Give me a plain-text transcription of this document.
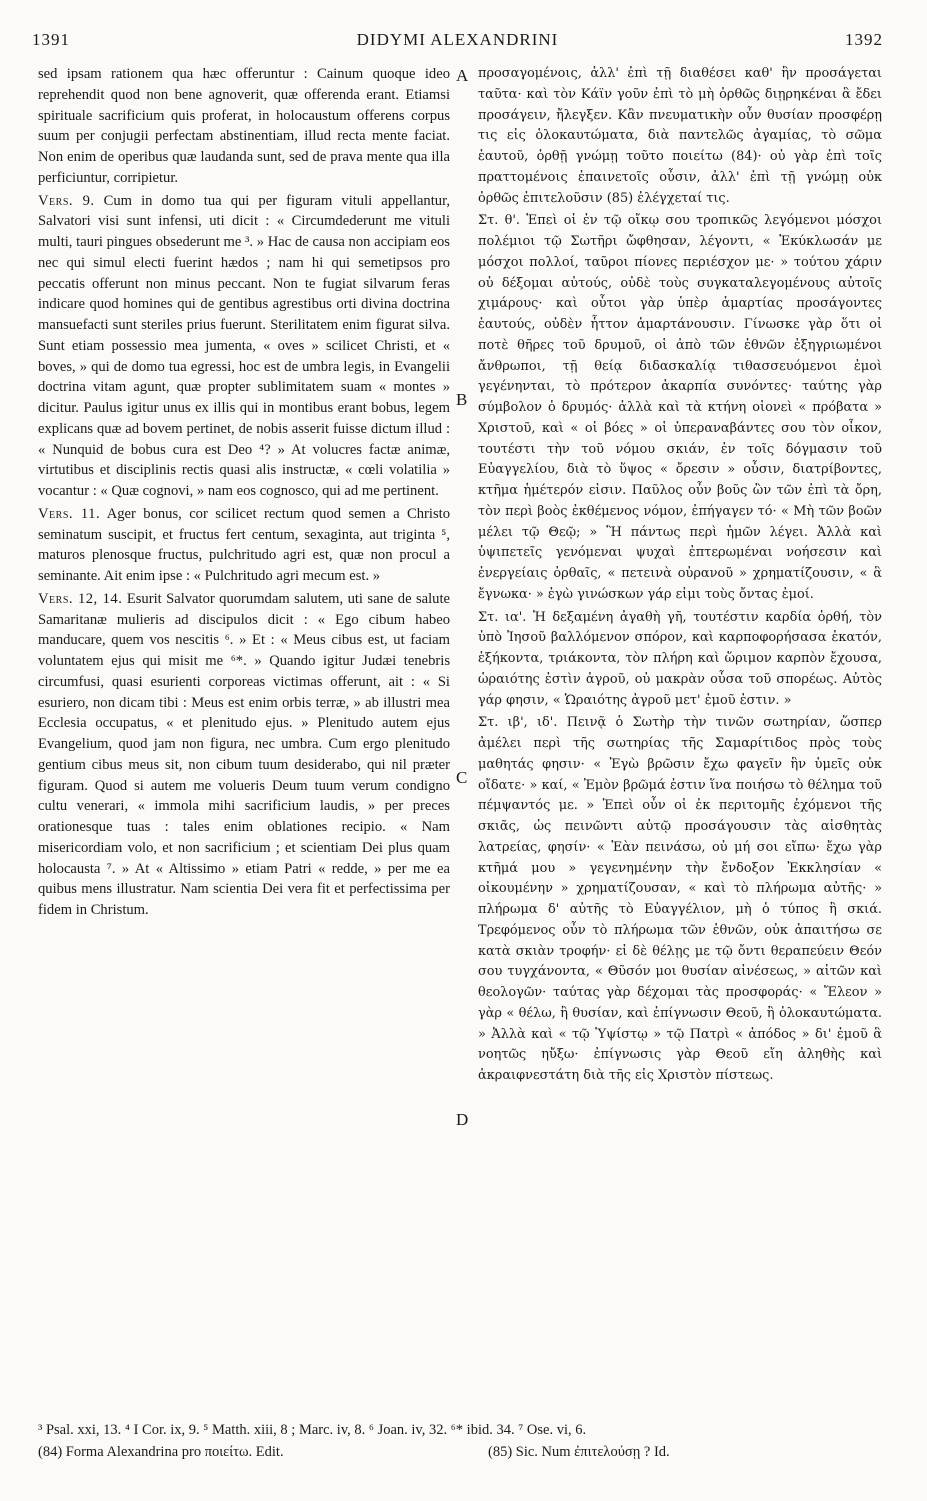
1391	DIDYMI ALEXANDRINI	1392

sed ipsam rationem qua hæc offeruntur : Cainum quoque ideo reprehendit quod non bene agnoverit, quæ offerenda erant. Etiamsi spirituale sacrificium quis proferat, in holocaustum offerens corpus suum per conjugii perfectam abstinentiam, illud recta mente faciat. Non enim de operibus quæ laudanda sunt, sed de prava mente qua illa perficiuntur, corripietur.

Vers. 9. Cum in domo tua qui per figuram vituli appellantur, Salvatori visi sunt infensi, uti dicit : « Circumdederunt me vituli multi, tauri pingues obsederunt me ³. » Hac de causa non accipiam eos nec qui simul electi fuerint hædos ; nam hi qui semetipsos pro peccatis offerunt non minus peccant. Non te fugiat silvarum feras indicare quod homines qui de gentibus agrestibus orti divina doctrina mansuefacti sunt steriles prius fuerunt. Sterilitatem enim figurat silva. Sunt etiam possessio mea jumenta, « oves » scilicet Christi, et « boves, » qui de domo tua egressi, hoc est de umbra legis, in Evangelii doctrina vitam agunt, quæ propter sublimitatem suam « montes » dicitur. Paulus igitur unus ex illis qui in montibus erant bobus, legem explicans quæ ad bovem pertinet, de nobis asserit fuisse dictum illud : « Nunquid de bobus cura est Deo ⁴? » At volucres factæ animæ, virtutibus et disciplinis rectis quasi alis instructæ, « cœli volatilia » vocantur : « Quæ cognovi, » nam eos cognosco, qui ad me pertinent.

Vers. 11. Ager bonus, cor scilicet rectum quod semen a Christo seminatum suscipit, et fructus fert centum, sexaginta, aut triginta ⁵, maturos plenosque fructus, pulchritudo agri est, quæ non procul a seminante. Ait enim ipse : « Pulchritudo agri mecum est. »

Vers. 12, 14. Esurit Salvator quorumdam salutem, uti sane de salute Samaritanæ mulieris ad discipulos dicit : « Ego cibum habeo manducare, quem vos nescitis ⁶. » Et : « Meus cibus est, ut faciam voluntatem ejus qui misit me ⁶*. » Quando igitur Judæi tenebris circumfusi, quasi esurienti corporeas victimas offerunt, ait : « Si esuriero, non dicam tibi : Meus est enim orbis terræ, » ab illustri mea Ecclesia occupatus, « et plenitudo ejus. » Plenitudo autem ejus Evangelium, quod jam non figura, nec umbra. Cum ergo plenitudo gentium cibus meus sit, non cibum tuum desiderabo, qui nil præter figuram. Quod si autem me volueris Deum tuum verum condigno cultu venerari, « immola mihi sacrificium laudis, » per preces orationesque tuas : tales enim oblationes recipio. « Nam misericordiam volo, et non sacrificium ; et scientiam Dei plus quam holocausta ⁷. » At « Altissimo » etiam Patri « redde, » per me ea quibus mens illustratur. Nam scientia Dei vera fit et perfectissima per fidem in Christum.

A
B
C
D

προσαγομένοις, ἀλλ' ἐπὶ τῇ διαθέσει καθ' ἣν προσάγεται ταῦτα· καὶ τὸν Κάϊν γοῦν ἐπὶ τὸ μὴ ὀρθῶς διῃρηκέναι ἃ ἔδει προσάγειν, ἤλεγξεν. Κἂν πνευματικὴν οὖν θυσίαν προσφέρῃ τις εἰς ὁλοκαυτώματα, διὰ παντελῶς ἀγαμίας, τὸ σῶμα ἑαυτοῦ, ὀρθῇ γνώμῃ τοῦτο ποιείτω (84)· οὐ γὰρ ἐπὶ τοῖς πραττομένοις ἐπαινετοῖς οὖσιν, ἀλλ' ἐπὶ τῇ γνώμῃ οὐκ ὀρθῶς ἐπιτελοῦσιν (85) ἐλέγχεταί τις.

Στ. θ'. Ἐπεὶ οἱ ἐν τῷ οἴκῳ σου τροπικῶς λεγόμενοι μόσχοι πολέμιοι τῷ Σωτῆρι ὤφθησαν, λέγοντι, « Ἐκύκλωσάν με μόσχοι πολλοί, ταῦροι πίονες περιέσχον με· » τούτου χάριν οὐ δέξομαι αὐτούς, οὐδὲ τοὺς συγκαταλεγομένους αὐτοῖς χιμάρους· καὶ οὗτοι γὰρ ὑπὲρ ἁμαρτίας προσάγοντες ἑαυτούς, οὐδὲν ἧττον ἁμαρτάνουσιν. Γίνωσκε γὰρ ὅτι οἱ ποτὲ θῆρες τοῦ δρυμοῦ, οἱ ἀπὸ τῶν ἐθνῶν ἐξηγριωμένοι ἄνθρωποι, τῇ θείᾳ διδασκαλίᾳ τιθασσευόμενοι ἐμοὶ γεγένηνται, τὸ πρότερον ἀκαρπία συνόντες· ταύτης γὰρ σύμβολον ὁ δρυμός· ἀλλὰ καὶ τὰ κτήνη οἱονεὶ « πρόβατα » Χριστοῦ, καὶ « οἱ βόες » οἱ ὑπεραναβάντες σου τὸν οἶκον, τουτέστι τὴν τοῦ νόμου σκιάν, ἐν τοῖς δόγμασιν τοῦ Εὐαγγελίου, διὰ τὸ ὕψος « ὄρεσιν » οὖσιν, διατρίβοντες, κτῆμα ἡμέτερόν εἰσιν. Παῦλος οὖν βοῦς ὢν τῶν ἐπὶ τὰ ὄρη, τὸν περὶ βοὸς ἐκθέμενος νόμον, ἐπήγαγεν τό· « Μὴ τῶν βοῶν μέλει τῷ Θεῷ; » Ἢ πάντως περὶ ἡμῶν λέγει. Ἀλλὰ καὶ ὑψιπετεῖς γενόμεναι ψυχαὶ ἐπτερωμέναι νοήσεσιν καὶ ἐνεργείαις ὀρθαῖς, « πετεινὰ οὐρανοῦ » χρηματίζουσιν, « ἃ ἔγνωκα· » ἐγὼ γινώσκων γάρ εἰμι τοὺς ὄντας ἐμοί.

Στ. ια'. Ἡ δεξαμένη ἀγαθὴ γῆ, τουτέστιν καρδία ὀρθή, τὸν ὑπὸ Ἰησοῦ βαλλόμενον σπόρον, καὶ καρποφορήσασα ἑκατόν, ἑξήκοντα, τριάκοντα, τὸν πλήρη καὶ ὥριμον καρπὸν ἔχουσα, ὡραιότης ἐστὶν ἀγροῦ, οὐ μακρὰν οὖσα τοῦ σπορέως. Αὐτὸς γάρ φησιν, « Ὡραιότης ἀγροῦ μετ' ἐμοῦ ἐστιν. »

Στ. ιβ', ιδ'. Πεινᾷ ὁ Σωτὴρ τὴν τινῶν σωτηρίαν, ὥσπερ ἀμέλει περὶ τῆς σωτηρίας τῆς Σαμαρίτιδος πρὸς τοὺς μαθητάς φησιν· « Ἐγὼ βρῶσιν ἔχω φαγεῖν ἣν ὑμεῖς οὐκ οἴδατε· » καί, « Ἐμὸν βρῶμά ἐστιν ἵνα ποιήσω τὸ θέλημα τοῦ πέμψαντός με. » Ἐπεὶ οὖν οἱ ἐκ περιτομῆς ἐχόμενοι τῆς σκιᾶς, ὡς πεινῶντι αὐτῷ προσάγουσιν τὰς αἰσθητὰς λατρείας, φησίν· « Ἐὰν πεινάσω, οὐ μή σοι εἴπω· ἔχω γὰρ κτῆμά μου » γεγενημένην τὴν ἔνδοξον Ἐκκλησίαν « οἰκουμένην » χρηματίζουσαν, « καὶ τὸ πλήρωμα αὐτῆς· » πλήρωμα δ' αὐτῆς τὸ Εὐαγγέλιον, μὴ ὁ τύπος ἢ σκιά. Τρεφόμενος οὖν τὸ πλήρωμα τῶν ἐθνῶν, οὐκ ἀπαιτήσω σε κατὰ σκιὰν τροφήν· εἰ δὲ θέλῃς με τῷ ὄντι θεραπεύειν Θεόν σου τυγχάνοντα, « Θῦσόν μοι θυσίαν αἰνέσεως, » αἰτῶν καὶ θεολογῶν· ταύτας γὰρ δέχομαι τὰς προσφοράς· « Ἔλεον » γὰρ « θέλω, ἢ θυσίαν, καὶ ἐπίγνωσιν Θεοῦ, ἢ ὁλοκαυτώματα. » Ἀλλὰ καὶ « τῷ Ὑψίστῳ » τῷ Πατρὶ « ἀπόδος » δι' ἐμοῦ ἃ νοητῶς ηὔξω· ἐπίγνωσις γὰρ Θεοῦ εἴη ἀληθὴς καὶ ἀκραιφνεστάτη διὰ τῆς εἰς Χριστὸν πίστεως.

³ Psal. xxi, 13. ⁴ I Cor. ix, 9. ⁵ Matth. xiii, 8 ; Marc. iv, 8. ⁶ Joan. iv, 32. ⁶* ibid. 34. ⁷ Ose. vi, 6.
(84) Forma Alexandrina pro ποιείτω. Edit.	(85) Sic. Num ἐπιτελούσῃ ? Id.
